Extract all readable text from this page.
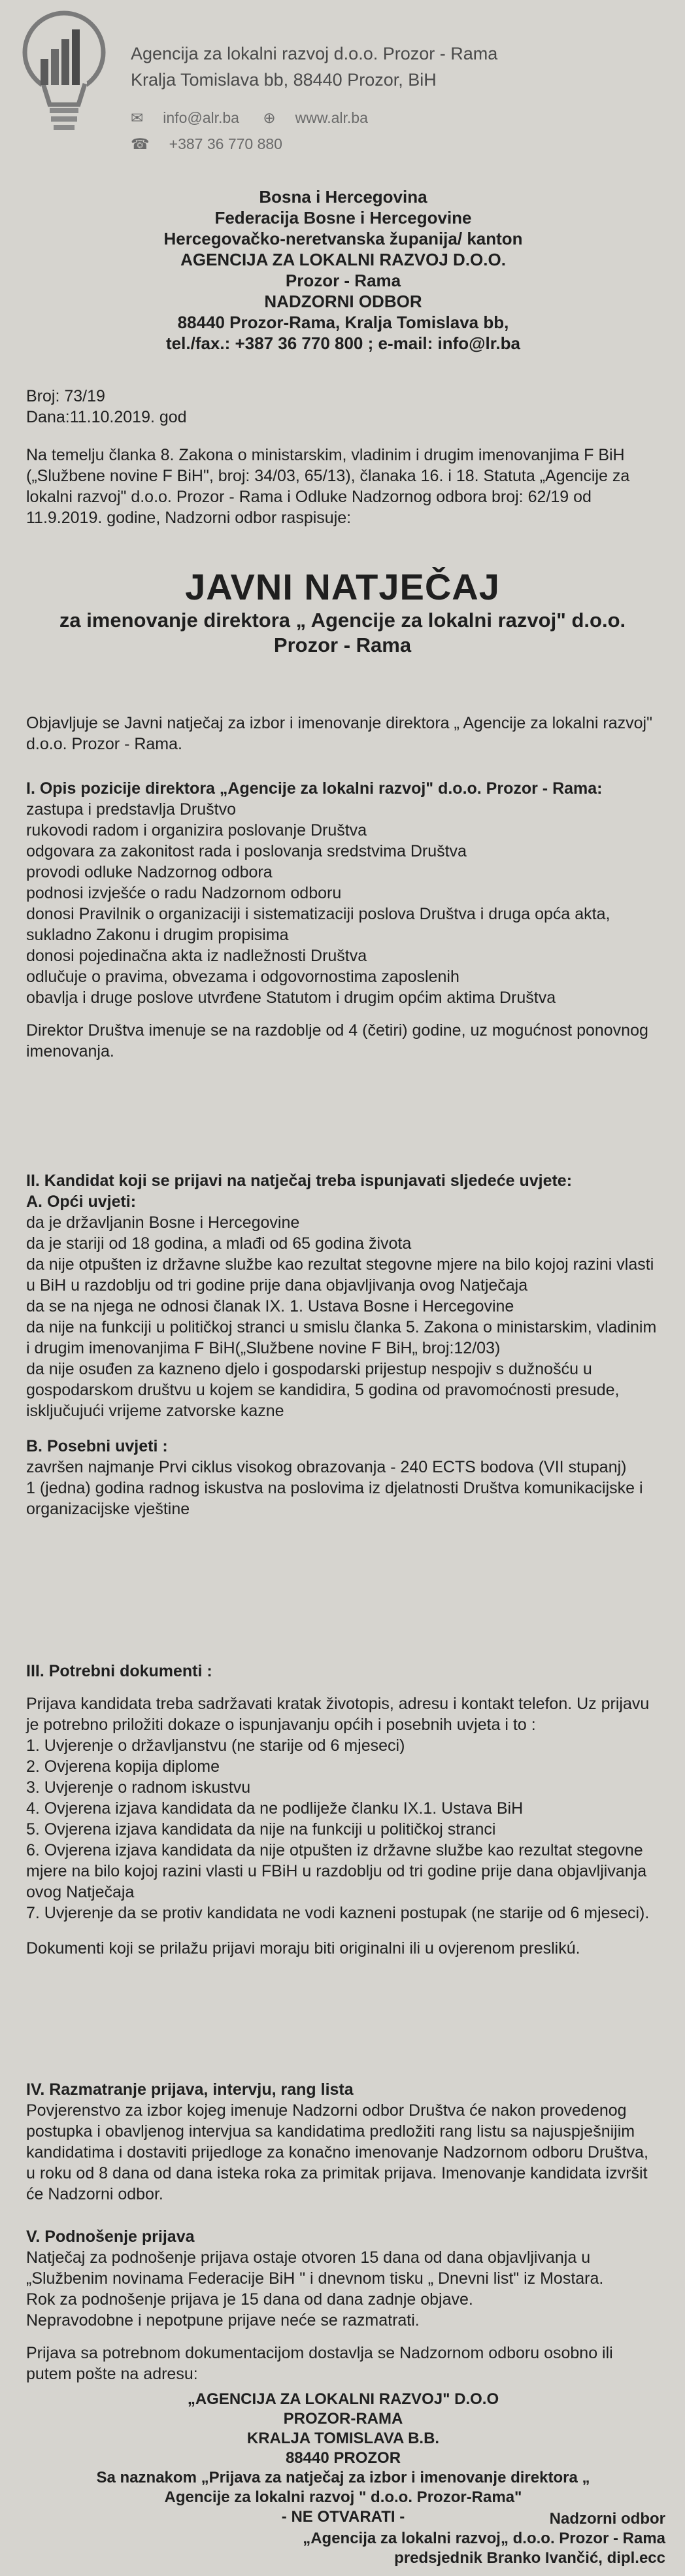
Agencija za lokalni razvoj d.o.o. Prozor - Rama
Kralja Tomislava bb, 88440 Prozor, BiH
✉ info@alr.ba ⊕ www.alr.ba
☎ +387 36 770 880

Bosna i Hercegovina

Federacija Bosne i Hercegovine

Hercegovačko-neretvanska županija/ kanton

AGENCIJA ZA LOKALNI RAZVOJ D.O.O.

Prozor - Rama

NADZORNI ODBOR

88440 Prozor-Rama, Kralja Tomislava bb,

tel./fax.: +387 36 770 800 ; e-mail: info@lr.ba

Broj: 73/19

Dana:11.10.2019. god

Na temelju članka 8. Zakona o ministarskim, vladinim i drugim imenovanjima F BiH („Službene novine F BiH", broj: 34/03, 65/13), članaka 16. i 18. Statuta „Agencije za lokalni razvoj" d.o.o. Prozor - Rama i Odluke Nadzornog odbora broj: 62/19 od 11.9.2019. godine, Nadzorni odbor raspisuje:

JAVNI NATJEČAJ
za imenovanje direktora „ Agencije za lokalni razvoj" d.o.o.
Prozor - Rama

Objavljuje se Javni natječaj za izbor i imenovanje direktora „ Agencije za lokalni razvoj" d.o.o. Prozor - Rama.

I. Opis pozicije direktora „Agencije za lokalni razvoj" d.o.o. Prozor - Rama:

zastupa i predstavlja Društvo
rukovodi radom i organizira poslovanje Društva
odgovara za zakonitost rada i poslovanja sredstvima Društva
provodi odluke Nadzornog odbora
podnosi izvješće o radu Nadzornom odboru
donosi Pravilnik o organizaciji i sistematizaciji poslova Društva i druga opća akta, sukladno Zakonu i drugim propisima
donosi pojedinačna akta iz nadležnosti Društva
odlučuje o pravima, obvezama i odgovornostima zaposlenih
obavlja i druge poslove utvrđene Statutom i drugim općim aktima Društva

Direktor Društva imenuje se na razdoblje od 4 (četiri) godine, uz mogućnost ponovnog imenovanja.

II. Kandidat koji se prijavi na natječaj treba ispunjavati sljedeće uvjete:

A. Opći uvjeti:

da je državljanin Bosne i Hercegovine
da je stariji od 18 godina, a mlađi od 65 godina života
da nije otpušten iz državne službe kao rezultat stegovne mjere na bilo kojoj razini vlasti u BiH u razdoblju od tri godine prije dana objavljivanja ovog Natječaja
da se na njega ne odnosi članak IX. 1. Ustava Bosne i Hercegovine
da nije na funkciji u političkoj stranci u smislu članka 5. Zakona o ministarskim, vladinim i drugim imenovanjima F BiH(„Službene novine F BiH„ broj:12/03)
da nije osuđen za kazneno djelo i gospodarski prijestup nespojiv s dužnošću u gospodarskom društvu u kojem se kandidira, 5 godina od pravomoćnosti presude, isključujući vrijeme zatvorske kazne

B. Posebni uvjeti :

završen najmanje Prvi ciklus visokog obrazovanja - 240 ECTS bodova (VII stupanj)
1 (jedna) godina radnog iskustva na poslovima iz djelatnosti Društva komunikacijske i organizacijske vještine

III. Potrebni dokumenti :

Prijava kandidata treba sadržavati kratak životopis, adresu i kontakt telefon. Uz prijavu je potrebno priložiti dokaze o ispunjavanju općih i posebnih uvjeta i to :

1. Uvjerenje o državljanstvu (ne starije od 6 mjeseci)
2. Ovjerena kopija diplome
3. Uvjerenje o radnom iskustvu
4. Ovjerena izjava kandidata da ne podliježe članku IX.1. Ustava BiH
5. Ovjerena izjava kandidata da nije na funkciji u političkoj stranci
6. Ovjerena izjava kandidata da nije otpušten iz državne službe kao rezultat stegovne mjere na bilo kojoj razini vlasti u FBiH u razdoblju od tri godine prije dana objavljivanja ovog Natječaja
7. Uvjerenje da se protiv kandidata ne vodi kazneni postupak (ne starije od 6 mjeseci).

Dokumenti koji se prilažu prijavi moraju biti originalni ili u ovjerenom preslikú.

IV. Razmatranje prijava, intervju, rang lista

Povjerenstvo za izbor kojeg imenuje Nadzorni odbor Društva će nakon provedenog postupka i obavljenog intervjua sa kandidatima predložiti rang listu sa najuspješnijim kandidatima i dostaviti prijedloge za konačno imenovanje Nadzornom odboru Društva, u roku od 8 dana od dana isteka roka za primitak prijava. Imenovanje kandidata izvršit će Nadzorni odbor.

V. Podnošenje prijava

Natječaj za podnošenje prijava ostaje otvoren 15 dana od dana objavljivanja u „Službenim novinama Federacije BiH " i dnevnom tisku „ Dnevni list" iz Mostara.
Rok za podnošenje prijava je 15 dana od dana zadnje objave.
Nepravodobne i nepotpune prijave neće se razmatrati.

Prijava sa potrebnom dokumentacijom dostavlja se Nadzornom odboru osobno ili putem pošte na adresu:

„AGENCIJA ZA LOKALNI RAZVOJ" D.O.O

PROZOR-RAMA

KRALJA TOMISLAVA B.B.

88440 PROZOR

Sa naznakom „Prijava za natječaj za izbor i imenovanje direktora „

Agencije za lokalni razvoj " d.o.o. Prozor-Rama"

- NE OTVARATI -	Nadzorni odbor

„Agencija za lokalni razvoj„ d.o.o. Prozor - Rama

predsjednik Branko Ivančić, dipl.ecc
